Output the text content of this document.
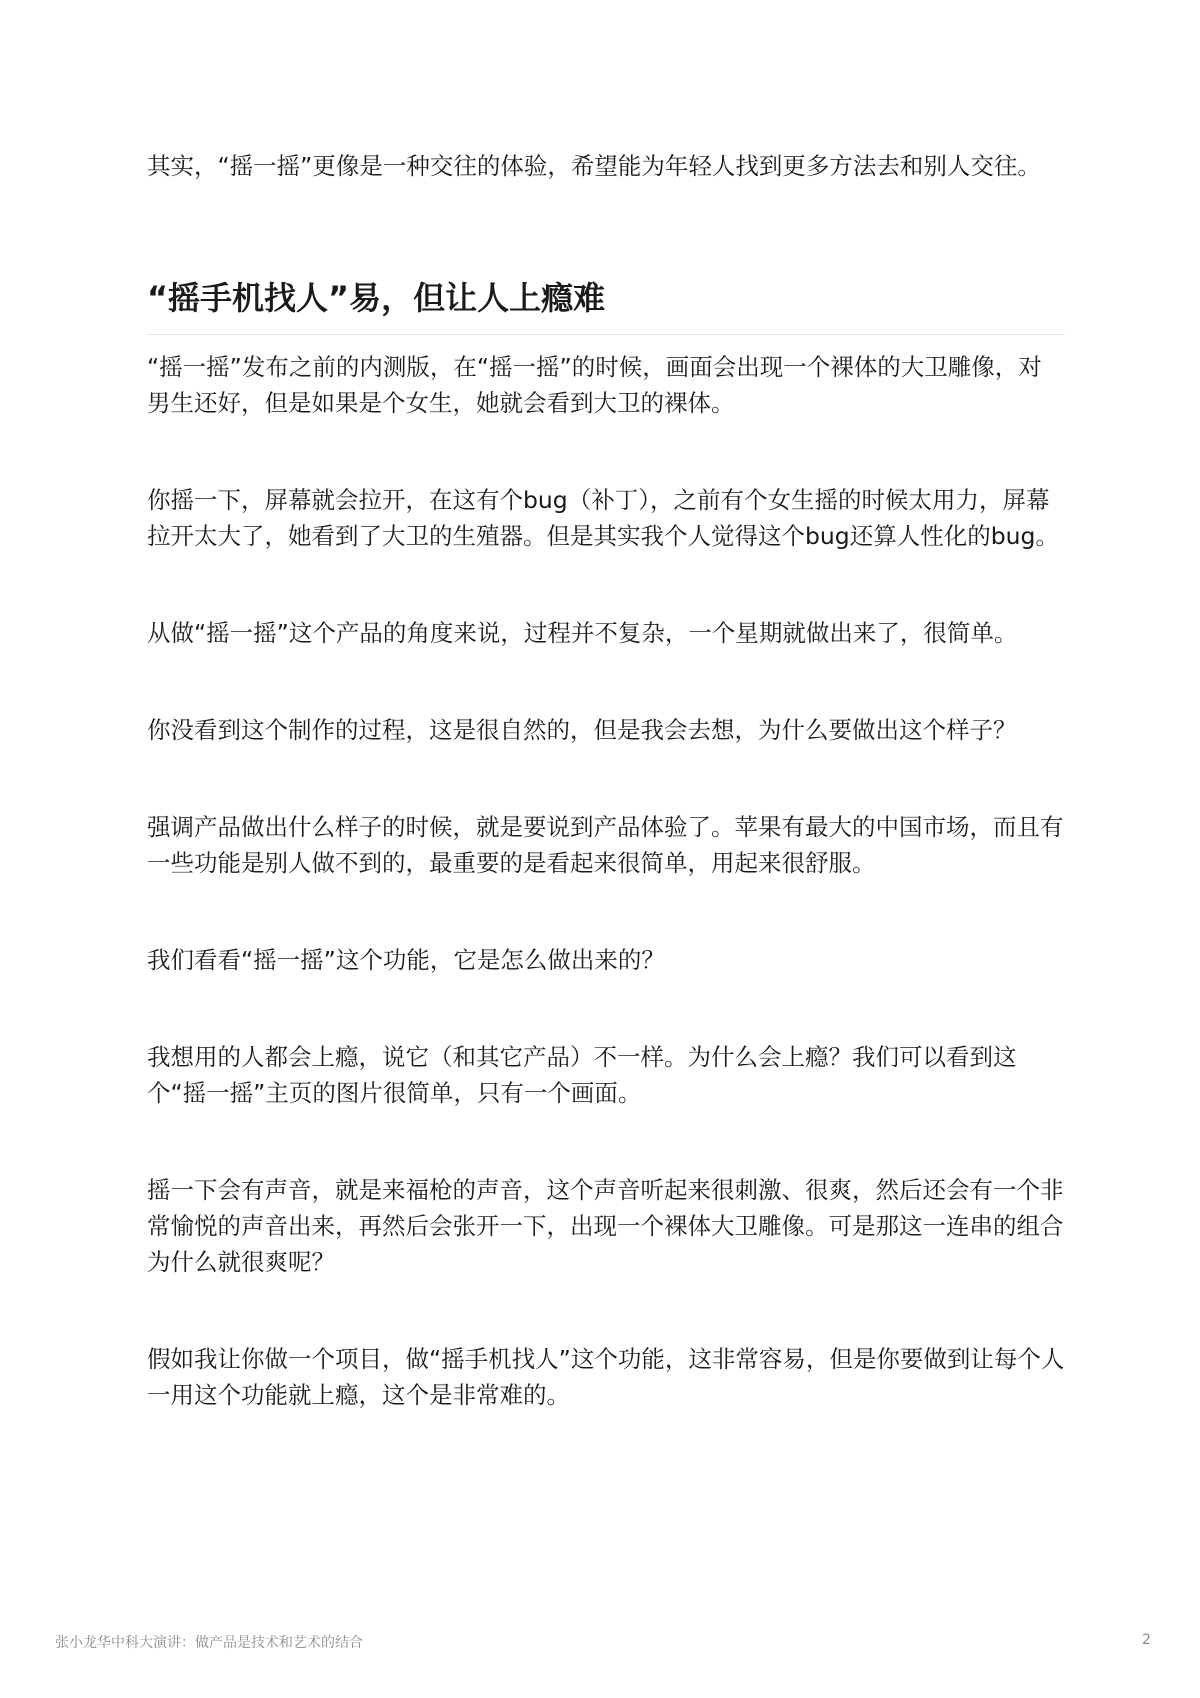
其实，“摇一摇”更像是一种交往的体验，希望能为年轻人找到更多方法去和别人交往。

“摇手机找人”易，但让人上瘾难

“摇一摇”发布之前的内测版，在“摇一摇”的时候，画面会出现一个裸体的大卫雕像，对男生还好，但是如果是个女生，她就会看到大卫的裸体。

你摇一下，屏幕就会拉开，在这有个bug（补丁），之前有个女生摇的时候太用力，屏幕拉开太大了，她看到了大卫的生殖器。但是其实我个人觉得这个bug还算人性化的bug。

从做“摇一摇”这个产品的角度来说，过程并不复杂，一个星期就做出来了，很简单。

你没看到这个制作的过程，这是很自然的，但是我会去想，为什么要做出这个样子？

强调产品做出什么样子的时候，就是要说到产品体验了。苹果有最大的中国市场，而且有一些功能是别人做不到的，最重要的是看起来很简单，用起来很舒服。

我们看看“摇一摇”这个功能，它是怎么做出来的？

我想用的人都会上瘾，说它（和其它产品）不一样。为什么会上瘾？我们可以看到这个“摇一摇”主页的图片很简单，只有一个画面。

摇一下会有声音，就是来福枪的声音，这个声音听起来很刺激、很爽，然后还会有一个非常愉悦的声音出来，再然后会张开一下，出现一个裸体大卫雕像。可是那这一连串的组合为什么就很爽呢？

假如我让你做一个项目，做“摇手机找人”这个功能，这非常容易，但是你要做到让每个人一用这个功能就上瘾，这个是非常难的。

张小龙华中科大演讲：做产品是技术和艺术的结合	2
